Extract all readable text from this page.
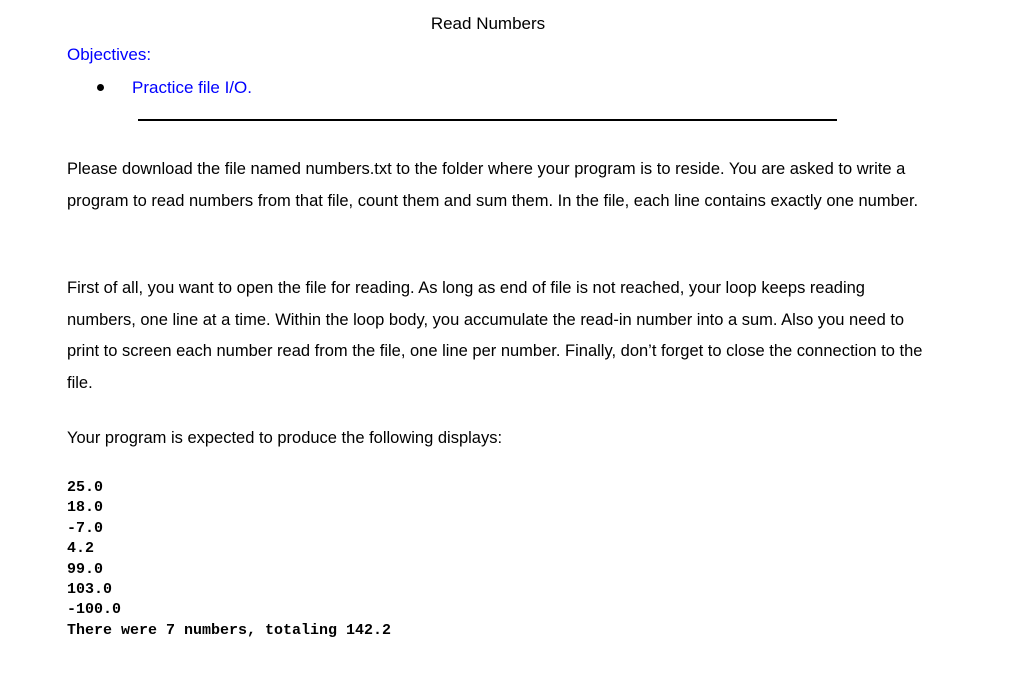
Read Numbers
Objectives:
Practice file I/O.

Please download the file named numbers.txt to the folder where your program is to reside. You are asked to write a program to read numbers from that file, count them and sum them. In the file, each line contains exactly one number.

First of all, you want to open the file for reading. As long as end of file is not reached, your loop keeps reading numbers, one line at a time. Within the loop body, you accumulate the read-in number into a sum. Also you need to print to screen each number read from the file, one line per number. Finally, don’t forget to close the connection to the file.

Your program is expected to produce the following displays:

25.0
18.0
-7.0
4.2
99.0
103.0
-100.0
There were 7 numbers, totaling 142.2
